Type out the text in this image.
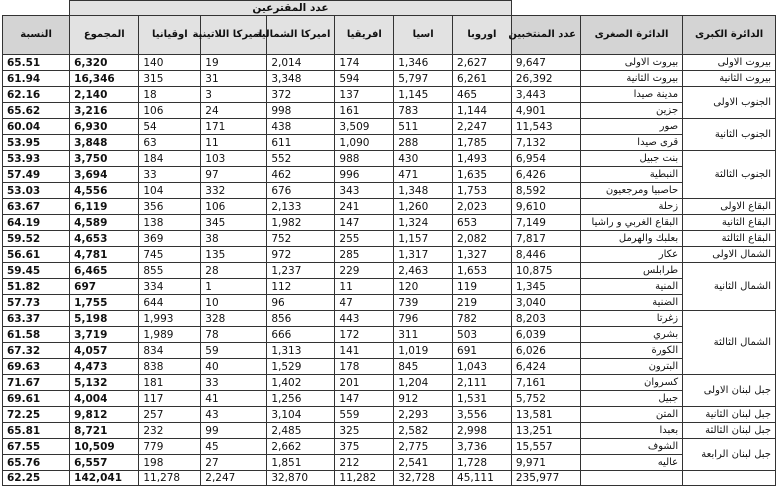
			عدد المقترعين							
الدائرة الكبرى	الدائرة الصغرى	عدد المنتخبين	اوروبا	اسيا	افريقيا	اميركا الشمالية	اميركا اللاتينية	اوقيانيا	المجموع	النسبة
بيروت الاولى	بيروت الاولى	9,647	2,627	1,346	174	2,014	19	140	6,320	65.51
بيروت الثانية	بيروت الثانية	26,392	6,261	5,797	594	3,348	31	315	16,346	61.94
الجنوب الاولى	مدينة صيدا	3,443	465	1,145	137	372	3	18	2,140	62.16
	جزين	4,901	1,144	783	161	998	24	106	3,216	65.62
الجنوب الثانية	صور	11,543	2,247	511	3,509	438	171	54	6,930	60.04
	قرى صيدا	7,132	1,785	288	1,090	611	11	63	3,848	53.95
الجنوب الثالثة	بنت جبيل	6,954	1,493	430	988	552	103	184	3,750	53.93
	النبطية	6,426	1,635	471	996	462	97	33	3,694	57.49
	حاصبيا ومرجعيون	8,592	1,753	1,348	343	676	332	104	4,556	53.03
البقاع الاولى	زحلة	9,610	2,023	1,260	241	2,133	106	356	6,119	63.67
البقاع الثانية	البقاع الغربي و راشيا	7,149	653	1,324	147	1,982	345	138	4,589	64.19
البقاع الثالثة	بعلبك والهرمل	7,817	2,082	1,157	255	752	38	369	4,653	59.52
الشمال الاولى	عكار	8,446	1,327	1,317	285	972	135	745	4,781	56.61
الشمال الثانية	طرابلس	10,875	1,653	2,463	229	1,237	28	855	6,465	59.45
	المنية	1,345	119	120	11	112	1	334	697	51.82
	الضنية	3,040	219	739	47	96	10	644	1,755	57.73
الشمال الثالثة	زغرتا	8,203	782	796	443	856	328	1,993	5,198	63.37
	بشري	6,039	503	311	172	666	78	1,989	3,719	61.58
	الكورة	6,026	691	1,019	141	1,313	59	834	4,057	67.32
	البترون	6,424	1,043	845	178	1,529	40	838	4,473	69.63
جبل لبنان الاولى	كسروان	7,161	2,111	1,204	201	1,402	33	181	5,132	71.67
	جبيل	5,752	1,531	912	147	1,256	41	117	4,004	69.61
جبل لبنان الثانية	المتن	13,581	3,556	2,293	559	3,104	43	257	9,812	72.25
جبل لبنان الثالثة	بعبدا	13,251	2,998	2,582	325	2,485	99	232	8,721	65.81
جبل لبنان الرابعة	الشوف	15,557	3,736	2,775	375	2,662	45	779	10,509	67.55
	عاليه	9,971	1,728	2,541	212	1,851	27	198	6,557	65.76
		235,977	45,111	32,728	11,282	32,870	2,247	11,278	142,041	62.25
